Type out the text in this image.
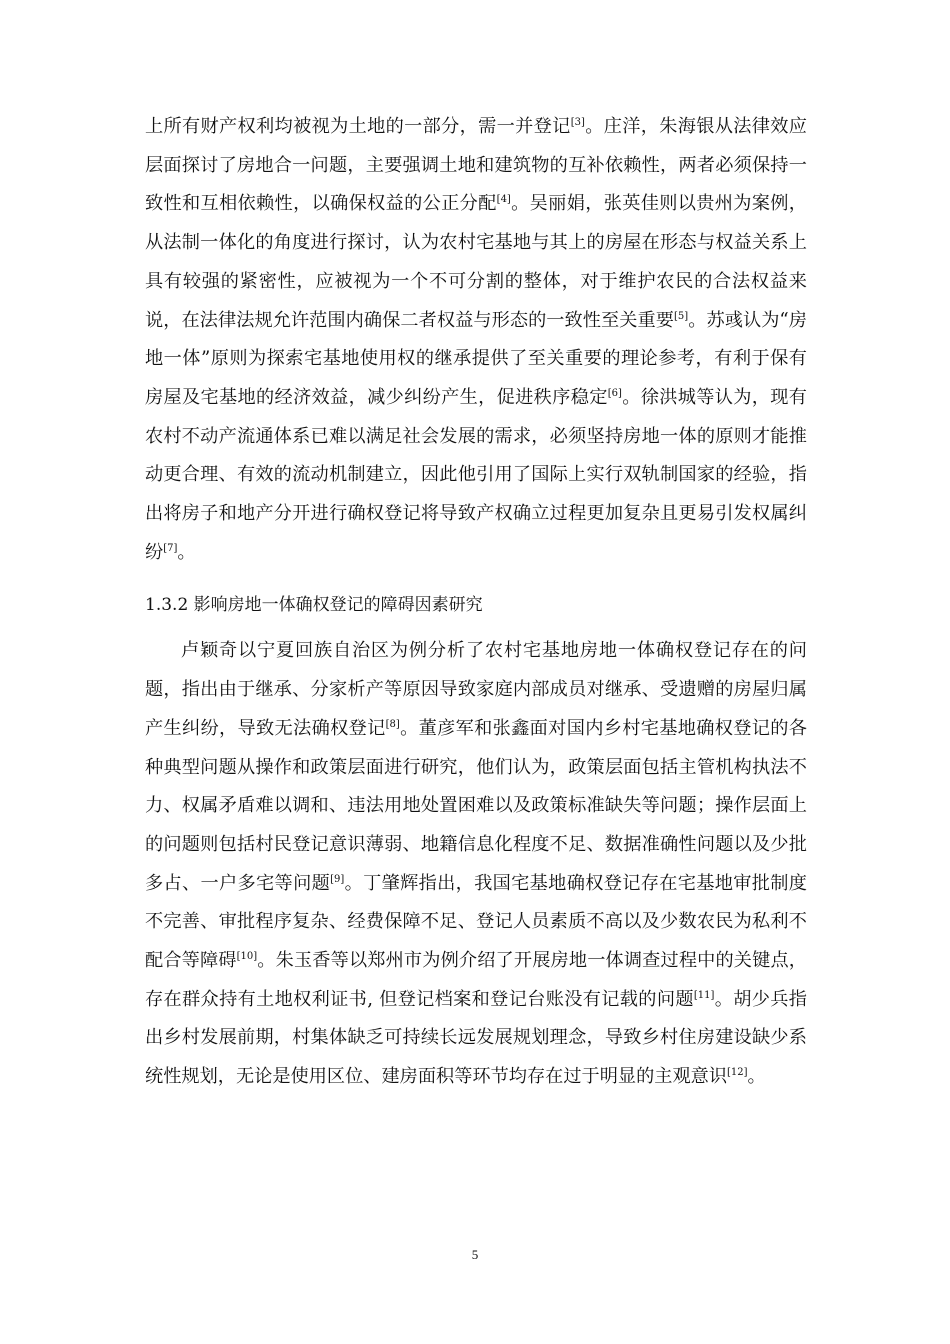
上所有财产权利均被视为土地的一部分，需一并登记[3]。庄洋，朱海银从法律效应层面探讨了房地合一问题，主要强调土地和建筑物的互补依赖性，两者必须保持一致性和互相依赖性，以确保权益的公正分配[4]。吴丽娟，张英佳则以贵州为案例，从法制一体化的角度进行探讨，认为农村宅基地与其上的房屋在形态与权益关系上具有较强的紧密性，应被视为一个不可分割的整体，对于维护农民的合法权益来说，在法律法规允许范围内确保二者权益与形态的一致性至关重要[5]。苏彧认为“房地一体”原则为探索宅基地使用权的继承提供了至关重要的理论参考，有利于保有房屋及宅基地的经济效益，减少纠纷产生，促进秩序稳定[6]。徐洪城等认为，现有农村不动产流通体系已难以满足社会发展的需求，必须坚持房地一体的原则才能推动更合理、有效的流动机制建立，因此他引用了国际上实行双轨制国家的经验，指出将房子和地产分开进行确权登记将导致产权确立过程更加复杂且更易引发权属纠纷[7]。

1.3.2 影响房地一体确权登记的障碍因素研究

卢颖奇以宁夏回族自治区为例分析了农村宅基地房地一体确权登记存在的问题，指出由于继承、分家析产等原因导致家庭内部成员对继承、受遗赠的房屋归属产生纠纷，导致无法确权登记[8]。董彦军和张鑫面对国内乡村宅基地确权登记的各种典型问题从操作和政策层面进行研究，他们认为，政策层面包括主管机构执法不力、权属矛盾难以调和、违法用地处置困难以及政策标准缺失等问题；操作层面上的问题则包括村民登记意识薄弱、地籍信息化程度不足、数据准确性问题以及少批多占、一户多宅等问题[9]。丁肇辉指出，我国宅基地确权登记存在宅基地审批制度不完善、审批程序复杂、经费保障不足、登记人员素质不高以及少数农民为私利不配合等障碍[10]。朱玉香等以郑州市为例介绍了开展房地一体调查过程中的关键点，存在群众持有土地权利证书, 但登记档案和登记台账没有记载的问题[11]。胡少兵指出乡村发展前期，村集体缺乏可持续长远发展规划理念，导致乡村住房建设缺少系统性规划，无论是使用区位、建房面积等环节均存在过于明显的主观意识[12]。

5
